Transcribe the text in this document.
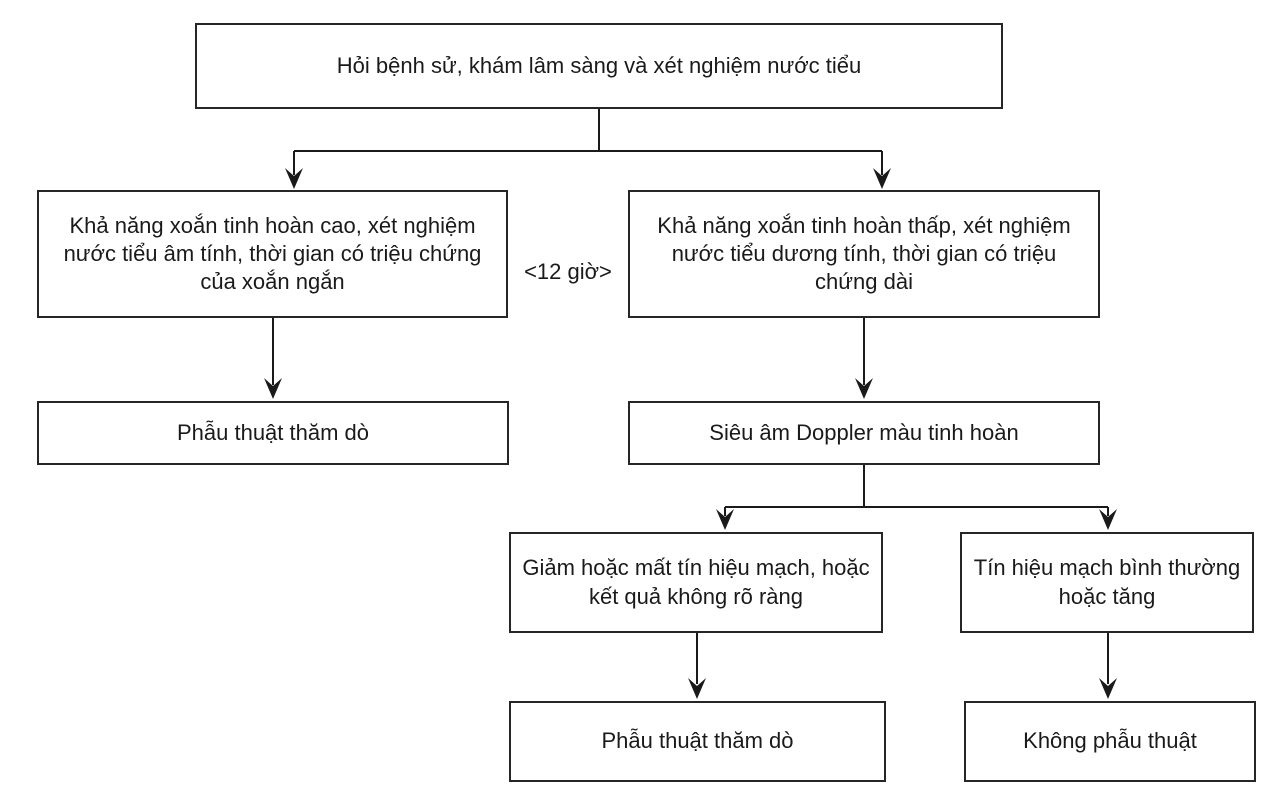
Hỏi bệnh sử, khám lâm sàng và xét nghiệm nước tiểu
Khả năng xoắn tinh hoàn cao, xét nghiệm nước tiểu âm tính, thời gian có triệu chứng của xoắn ngắn	<12 giờ>
Khả năng xoắn tinh hoàn thấp, xét nghiệm nước tiểu dương tính, thời gian có triệu chứng dài
Phẫu thuật thăm dò	Siêu âm Doppler màu tinh hoàn
Giảm hoặc mất tín hiệu mạch, hoặc kết quả không rõ ràng
Tín hiệu mạch bình thường hoặc tăng
Phẫu thuật thăm dò	Không phẫu thuật
